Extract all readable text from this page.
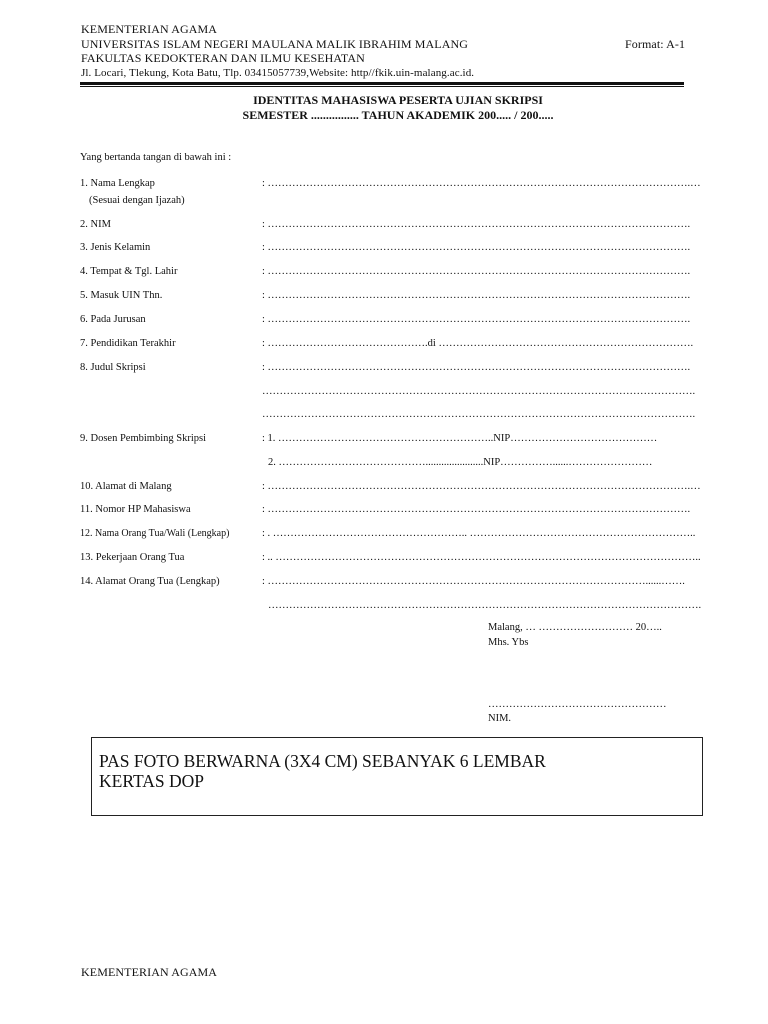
KEMENTERIAN AGAMA
UNIVERSITAS ISLAM NEGERI MAULANA MALIK IBRAHIM MALANG	Format: A-1
FAKULTAS KEDOKTERAN DAN ILMU KESEHATAN
Jl. Locari, Tlekung, Kota Batu, Tlp. 03415057739,Website: http//fkik.uin-malang.ac.id.
IDENTITAS MAHASISWA PESERTA UJIAN SKRIPSI
SEMESTER ................ TAHUN AKADEMIK 200..... / 200.....
Yang bertanda tangan di bawah ini :
1. Nama Lengkap	: ………………………………………………………………………………………………………….…
(Sesuai dengan Ijazah)
2. NIM	: ………………………………………………………………………………………………………….
3. Jenis Kelamin	: ………………………………………………………………………………………………………….
4. Tempat & Tgl. Lahir	: ………………………………………………………………………………………………………….
5. Masuk UIN Thn.	: ………………………………………………………………………………………………………….
6. Pada Jurusan	: ………………………………………………………………………………………………………….
7. Pendidikan Terakhir	: ……………………………………….di ……………………………………………………………….
8. Judul Skripsi	: ………………………………………………………………………………………………………….
…………………………………………………………………………………………………………….
…………………………………………………………………………………………………………….
9. Dosen Pembimbing Skripsi	: 1. ……………………………………………………..NIP……………………………………
2. ……………………………………......................NIP……………......……………………
10. Alamat di Malang	: ………………………………………………………………………………………………………….…
11. Nomor HP Mahasiswa	: ………………………………………………………………………………………………………….
12. Nama Orang Tua/Wali (Lengkap)	: . ……………………………………………….. ………………………………………………………..
13. Pekerjaan Orang Tua	: .. …………………………………………………………………………………………………………..
14. Alamat Orang Tua (Lengkap)	: ………………………………………………………………………………………………......…….
…………………………………………………………………………………………………………….
Malang, … ……………………… 20…..
Mhs. Ybs
……………………………………………
NIM.
PAS FOTO BERWARNA (3X4 CM) SEBANYAK 6 LEMBAR
KERTAS DOP
KEMENTERIAN AGAMA
